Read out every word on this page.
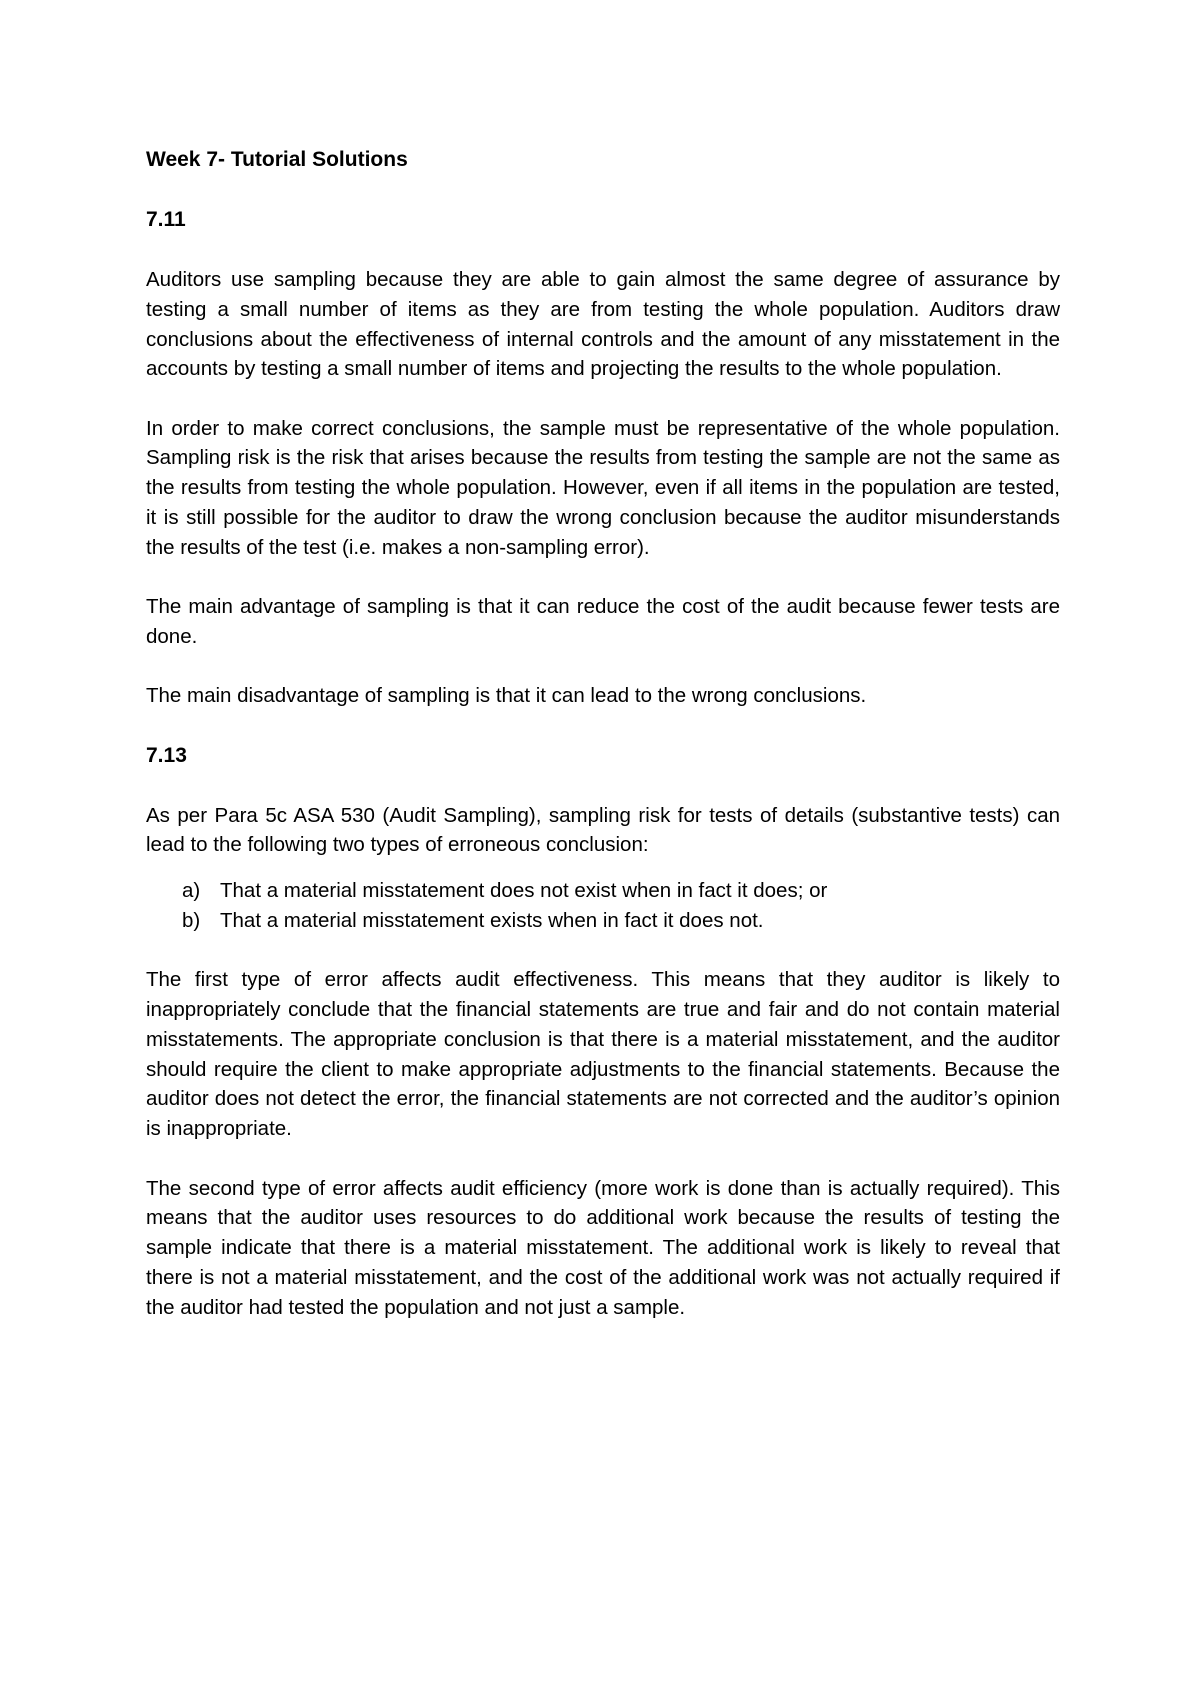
Week 7- Tutorial Solutions
7.11

Auditors use sampling because they are able to gain almost the same degree of assurance by testing a small number of items as they are from testing the whole population. Auditors draw conclusions about the effectiveness of internal controls and the amount of any misstatement in the accounts by testing a small number of items and projecting the results to the whole population.

In order to make correct conclusions, the sample must be representative of the whole population. Sampling risk is the risk that arises because the results from testing the sample are not the same as the results from testing the whole population. However, even if all items in the population are tested, it is still possible for the auditor to draw the wrong conclusion because the auditor misunderstands the results of the test (i.e. makes a non-sampling error).

The main advantage of sampling is that it can reduce the cost of the audit because fewer tests are done.

The main disadvantage of sampling is that it can lead to the wrong conclusions.

7.13

As per Para 5c ASA 530 (Audit Sampling), sampling risk for tests of details (substantive tests) can lead to the following two types of erroneous conclusion:

a) That a material misstatement does not exist when in fact it does; or
b) That a material misstatement exists when in fact it does not.

The first type of error affects audit effectiveness. This means that they auditor is likely to inappropriately conclude that the financial statements are true and fair and do not contain material misstatements. The appropriate conclusion is that there is a material misstatement, and the auditor should require the client to make appropriate adjustments to the financial statements. Because the auditor does not detect the error, the financial statements are not corrected and the auditor’s opinion is inappropriate.

The second type of error affects audit efficiency (more work is done than is actually required). This means that the auditor uses resources to do additional work because the results of testing the sample indicate that there is a material misstatement. The additional work is likely to reveal that there is not a material misstatement, and the cost of the additional work was not actually required if the auditor had tested the population and not just a sample.
